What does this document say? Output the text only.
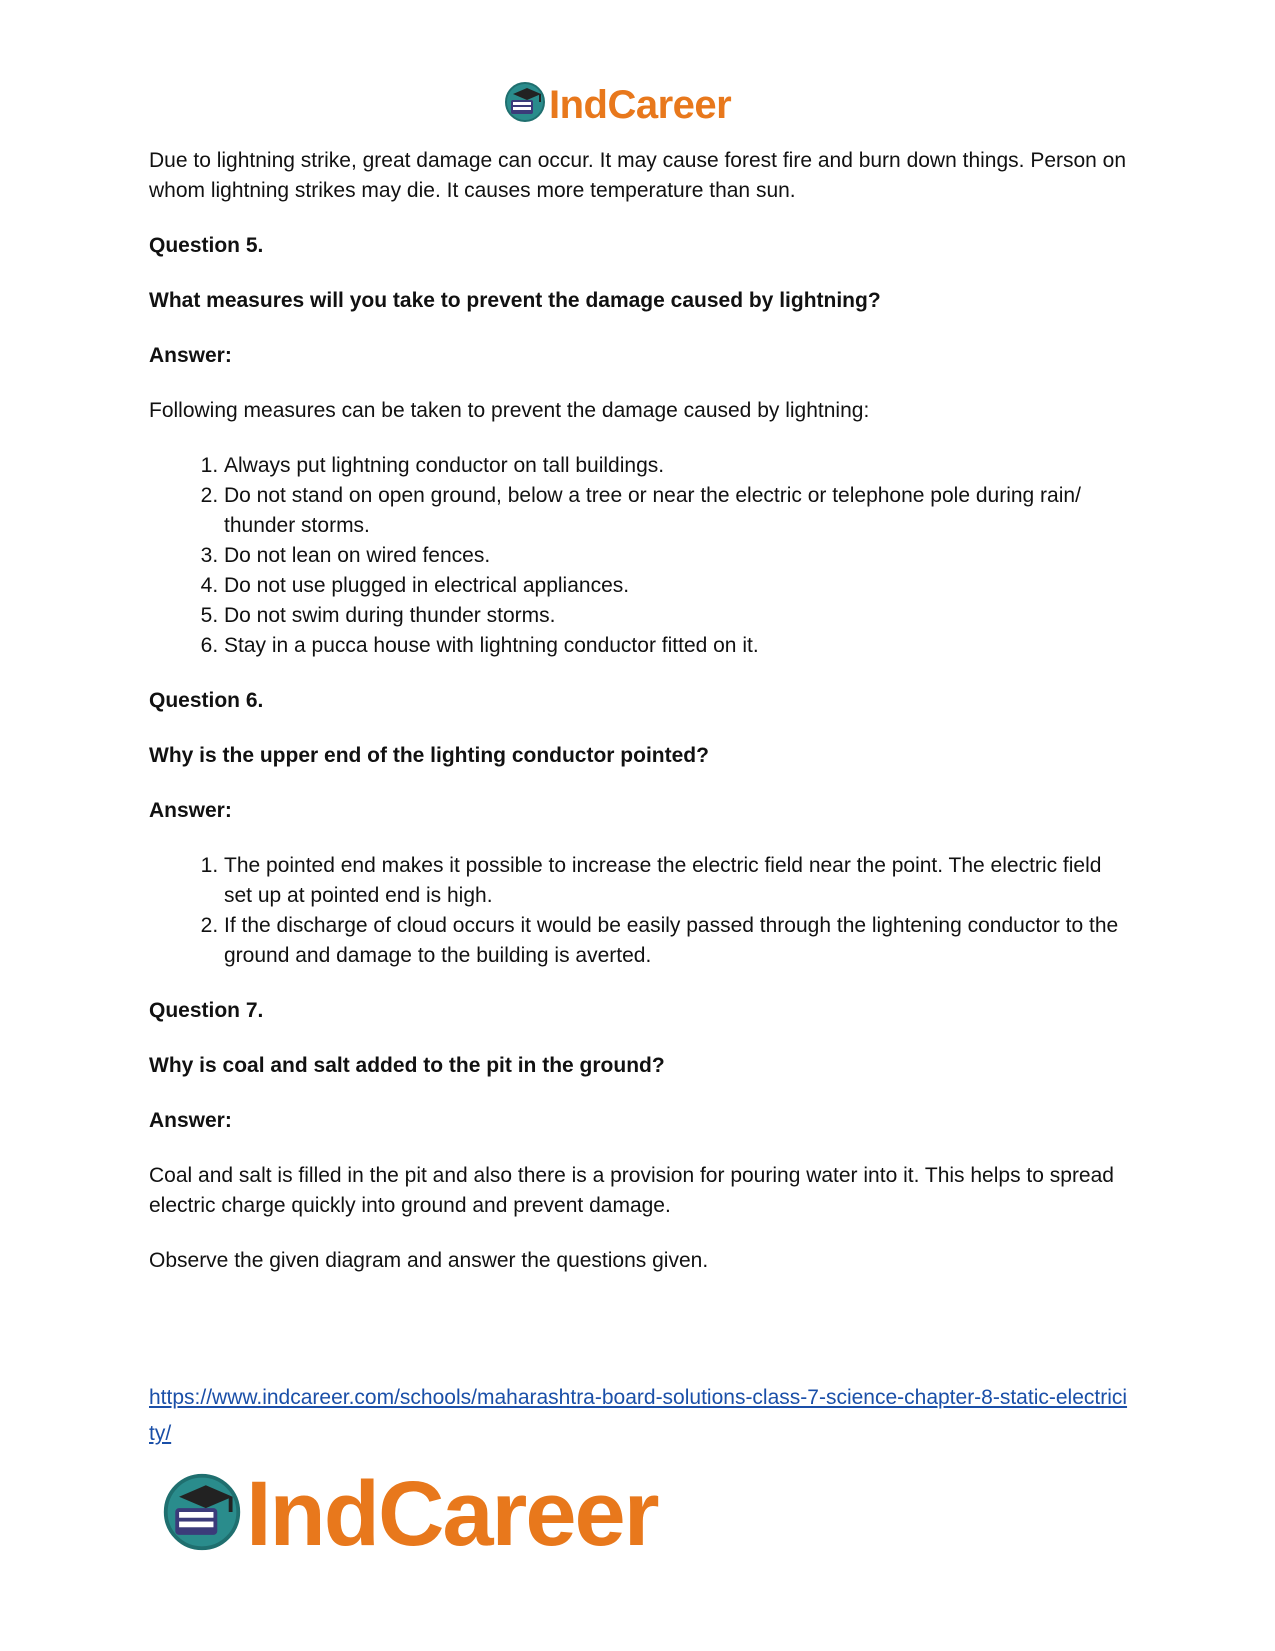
IndCareer

Due to lightning strike, great damage can occur. It may cause forest fire and burn down things. Person on whom lightning strikes may die. It causes more temperature than sun.

Question 5.

What measures will you take to prevent the damage caused by lightning?

Answer:

Following measures can be taken to prevent the damage caused by lightning:

1. Always put lightning conductor on tall buildings.
2. Do not stand on open ground, below a tree or near the electric or telephone pole during rain/ thunder storms.
3. Do not lean on wired fences.
4. Do not use plugged in electrical appliances.
5. Do not swim during thunder storms.
6. Stay in a pucca house with lightning conductor fitted on it.

Question 6.

Why is the upper end of the lighting conductor pointed?

Answer:

1. The pointed end makes it possible to increase the electric field near the point. The electric field set up at pointed end is high.
2. If the discharge of cloud occurs it would be easily passed through the lightening conductor to the ground and damage to the building is averted.

Question 7.

Why is coal and salt added to the pit in the ground?

Answer:

Coal and salt is filled in the pit and also there is a provision for pouring water into it. This helps to spread electric charge quickly into ground and prevent damage.

Observe the given diagram and answer the questions given.

https://www.indcareer.com/schools/maharashtra-board-solutions-class-7-science-chapter-8-static-electricity/
IndCareer
